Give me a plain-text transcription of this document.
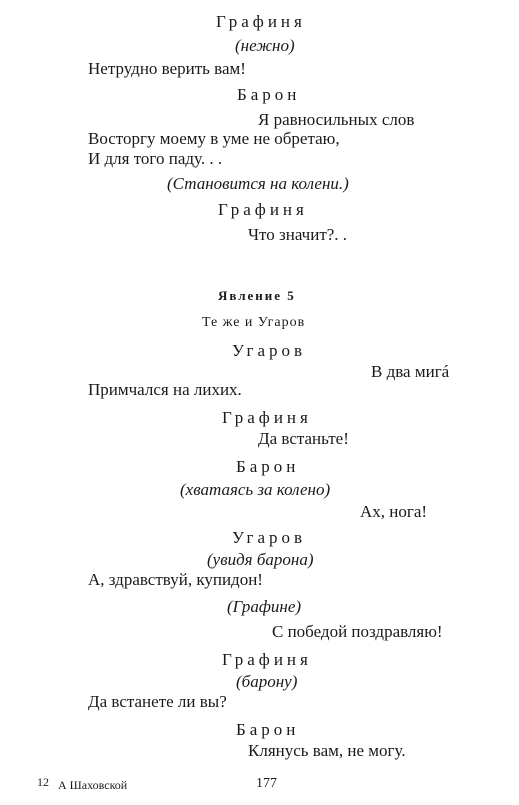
Графиня
(нежно)
Нетрудно верить вам!
Барон
Я равносильных слов
Восторгу моему в уме не обретаю,
И для того паду. . .
(Становится на колени.)
Графиня
Что значит?. .
Явление 5
Те же и Угаров
Угаров
В два мигá
Примчался на лихих.
Графиня
Да встаньте!
Барон
(хватаясь за колено)
Ах, нога!
Угаров
(увидя барона)
А, здравствуй, купидон!
(Графине)
С победой поздравляю!
Графиня
(барону)
Да встанете ли вы?
Барон
Клянусь вам, не могу.
12 А Шаховской	177
